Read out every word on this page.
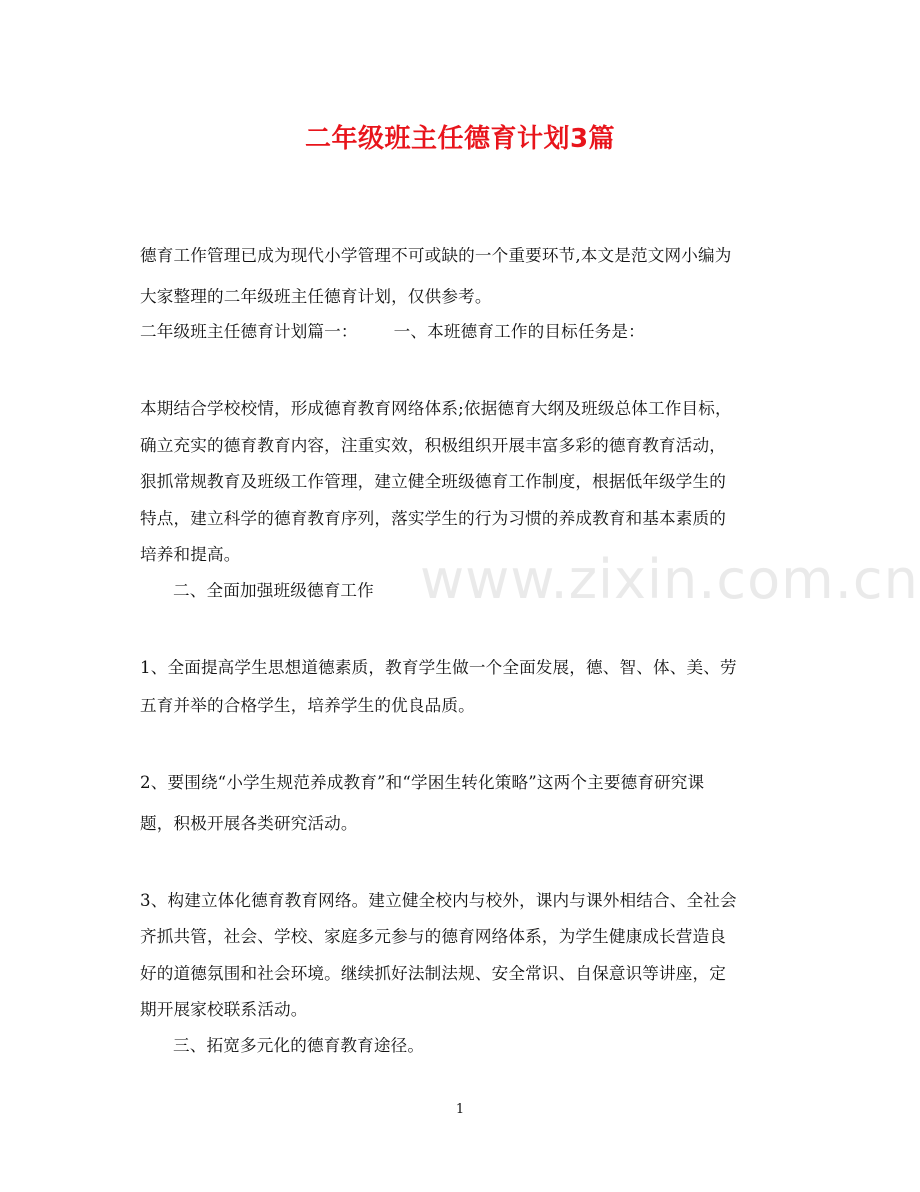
二年级班主任德育计划3篇
德育工作管理已成为现代小学管理不可或缺的一个重要环节,本文是范文网小编为
大家整理的二年级班主任德育计划，仅供参考。
二年级班主任德育计划篇一： 一、本班德育工作的目标任务是：
本期结合学校校情，形成德育教育网络体系;依据德育大纲及班级总体工作目标，
确立充实的德育教育内容，注重实效，积极组织开展丰富多彩的德育教育活动，
狠抓常规教育及班级工作管理，建立健全班级德育工作制度，根据低年级学生的
特点，建立科学的德育教育序列，落实学生的行为习惯的养成教育和基本素质的
培养和提高。
二、全面加强班级德育工作
1、全面提高学生思想道德素质，教育学生做一个全面发展，德、智、体、美、劳
五育并举的合格学生，培养学生的优良品质。
2、要围绕“小学生规范养成教育”和“学困生转化策略”这两个主要德育研究课
题，积极开展各类研究活动。
3、构建立体化德育教育网络。建立健全校内与校外，课内与课外相结合、全社会
齐抓共管，社会、学校、家庭多元参与的德育网络体系，为学生健康成长营造良
好的道德氛围和社会环境。继续抓好法制法规、安全常识、自保意识等讲座，定
期开展家校联系活动。
三、拓宽多元化的德育教育途径。
www.zixin.com.cn
1
